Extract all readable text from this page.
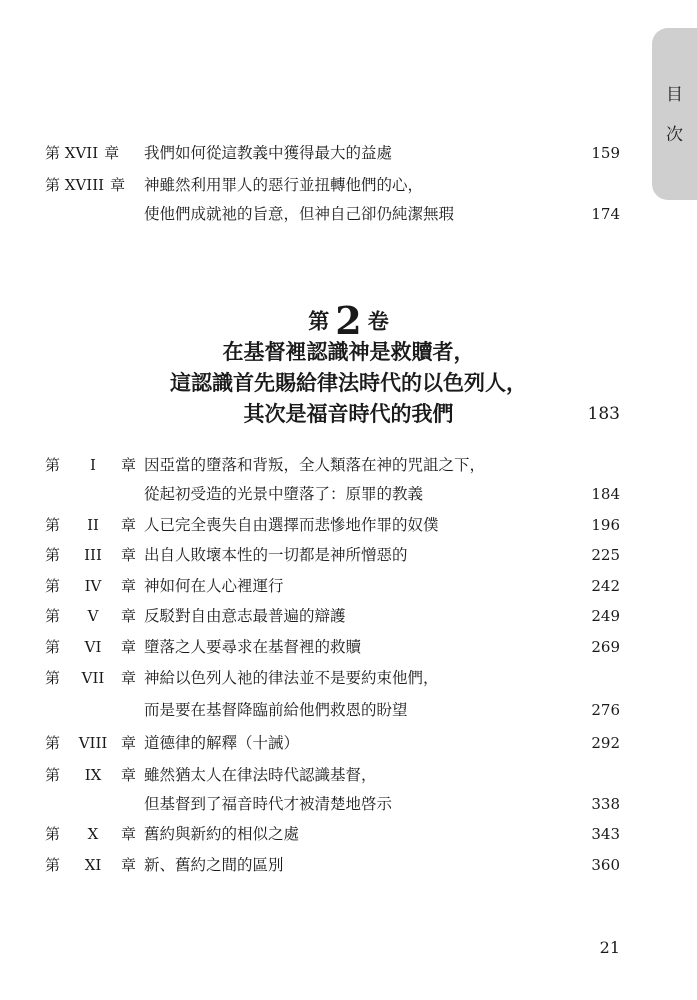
目
次
第 XVII 章	我們如何從這教義中獲得最大的益處	159
第 XVIII 章	神雖然利用罪人的惡行並扭轉他們的心，
使他們成就祂的旨意，但神自己卻仍純潔無瑕	174
第 2 卷
在基督裡認識神是救贖者，
這認識首先賜給律法時代的以色列人，
其次是福音時代的我們	183
第	I	章 因亞當的墮落和背叛，全人類落在神的咒詛之下，
從起初受造的光景中墮落了：原罪的教義	184
第	II	章 人已完全喪失自由選擇而悲慘地作罪的奴僕	196
第	III	章 出自人敗壞本性的一切都是神所憎惡的	225
第	IV	章 神如何在人心裡運行	242
第	V	章 反駁對自由意志最普遍的辯護	249
第	VI	章 墮落之人要尋求在基督裡的救贖	269
第	VII	章 神給以色列人祂的律法並不是要約束他們，
而是要在基督降臨前給他們救恩的盼望	276
第	VIII 章 道德律的解釋（十誡）	292
第	IX	章 雖然猶太人在律法時代認識基督，
但基督到了福音時代才被清楚地啓示	338
第	X	章 舊約與新約的相似之處	343
第	XI	章 新、舊約之間的區別	360
21
